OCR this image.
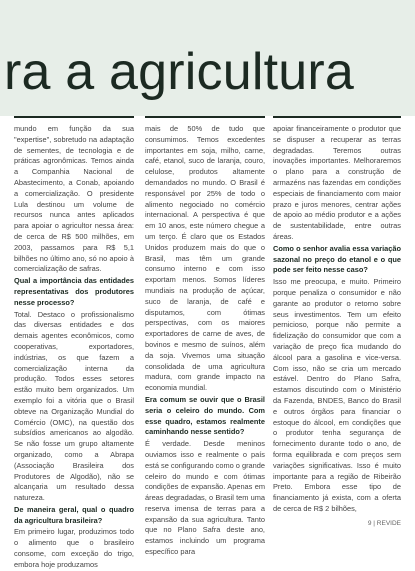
ra a agricultura

mundo em função da sua "expertise", sobretudo na adaptação de sementes, de tecnologia e de práticas agronômicas. Temos ainda a Companhia Nacional de Abastecimento, a Conab, apoiando a comercialização. O presidente Lula destinou um volume de recursos nunca antes aplicados para apoiar o agricultor nessa área: de cerca de R$ 500 milhões, em 2003, passamos para R$ 5,1 bilhões no último ano, só no apoio à comercialização de safras.

Qual a importância das entidades representativas dos produtores nesse processo?

Total. Destaco o profissionalismo das diversas entidades e dos demais agentes econômicos, como cooperativas, exportadores, indústrias, os que fazem a comercialização interna da produção. Todos esses setores estão muito bem organizados. Um exemplo foi a vitória que o Brasil obteve na Organização Mundial do Comércio (OMC), na questão dos subsídios americanos ao algodão. Se não fosse um grupo altamente organizado, como a Abrapa (Associação Brasileira dos Produtores de Algodão), não se alcançaria um resultado dessa natureza.

De maneira geral, qual o quadro da agricultura brasileira?

Em primeiro lugar, produzimos todo o alimento que o brasileiro consome, com exceção do trigo, embora hoje produzamos

mais de 50% de tudo que consumimos. Temos excedentes importantes em soja, milho, carne, café, etanol, suco de laranja, couro, celulose, produtos altamente demandados no mundo. O Brasil é responsável por 25% de todo o alimento negociado no comércio internacional. A perspectiva é que em 10 anos, este número chegue a um terço. É claro que os Estados Unidos produzem mais do que o Brasil, mas têm um grande consumo interno e com isso exportam menos. Somos líderes mundiais na produção de açúcar, suco de laranja, de café e disputamos, com ótimas perspectivas, com os maiores exportadores de carne de aves, de bovinos e mesmo de suínos, além da soja. Vivemos uma situação consolidada de uma agricultura madura, com grande impacto na economia mundial.

Era comum se ouvir que o Brasil seria o celeiro do mundo. Com esse quadro, estamos realmente caminhando nesse sentido?

É verdade. Desde meninos ouviamos isso e realmente o país está se configurando como o grande celeiro do mundo e com ótimas condições de expansão. Apenas em áreas degradadas, o Brasil tem uma reserva imensa de terras para a expansão da sua agricultura. Tanto que no Plano Safra deste ano, estamos incluindo um programa específico para

apoiar financeiramente o produtor que se dispuser a recuperar as terras degradadas. Teremos outras inovações importantes. Melhoraremos o plano para a construção de armazéns nas fazendas em condições especiais de financiamento com maior prazo e juros menores, centrar ações de apoio ao médio produtor e a ações de sustentabilidade, entre outras áreas.

Como o senhor avalia essa variação sazonal no preço do etanol e o que pode ser feito nesse caso?

Isso me preocupa, e muito. Primeiro porque penaliza o consumidor e não garante ao produtor o retorno sobre seus investimentos. Tem um efeito perniciosо, porque não permite a fidelização do consumidor que com a variação de preço fica mudando do álcool para a gasolina e vice-versa. Com isso, não se cria um mercado estável. Dentro do Plano Safra, estamos discutindo com o Ministério da Fazenda, BNDES, Banco do Brasil e outros órgãos para financiar o estoque do álcool, em condições que o produtor tenha segurança de fornecimento durante todo o ano, de forma equilibrada e com preços sem variações significativas. Isso é muito importante para a região de Ribeirão Preto. Embora esse tipo de financiamento já exista, com a oferta de cerca de R$ 2 bilhões,

9 | REVIDE
